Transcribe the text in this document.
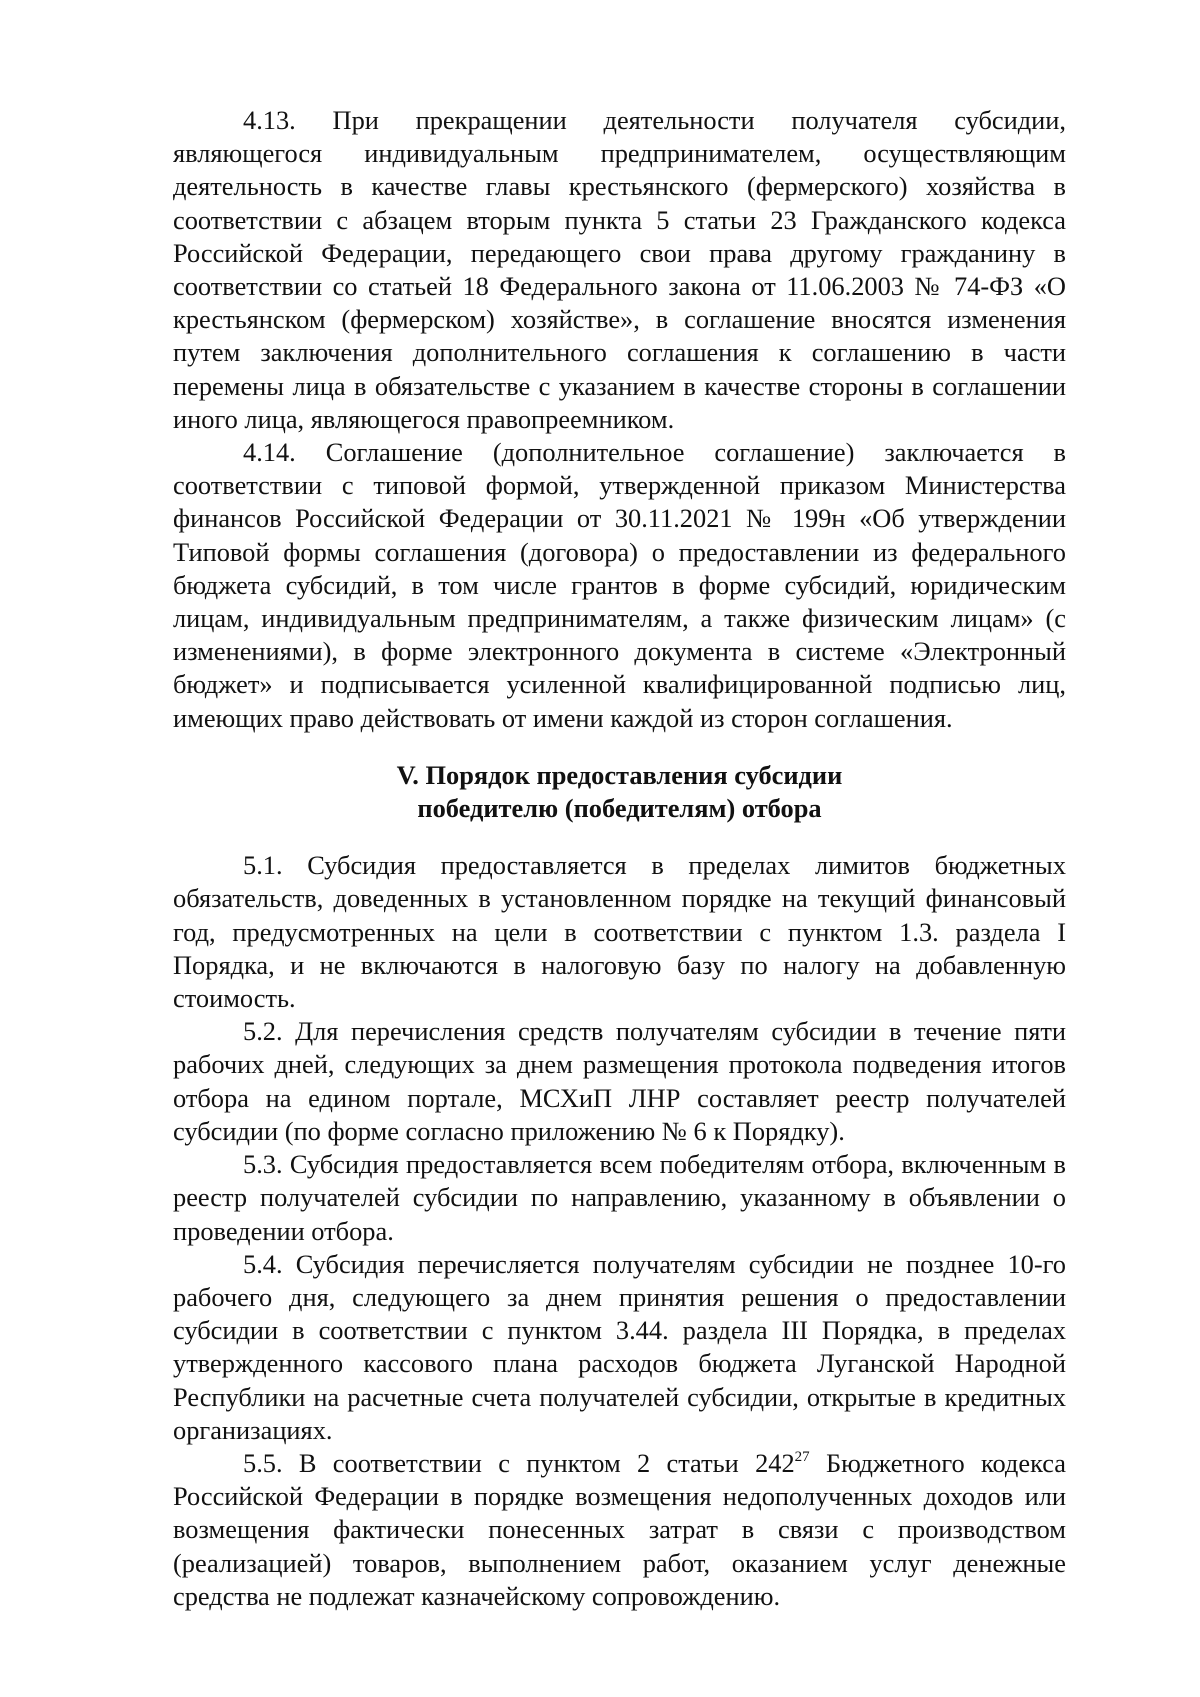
4.13. При прекращении деятельности получателя субсидии, являющегося индивидуальным предпринимателем, осуществляющим деятельность в качестве главы крестьянского (фермерского) хозяйства в соответствии с абзацем вторым пункта 5 статьи 23 Гражданского кодекса Российской Федерации, передающего свои права другому гражданину в соответствии со статьей 18 Федерального закона от 11.06.2003 № 74-ФЗ «О крестьянском (фермерском) хозяйстве», в соглашение вносятся изменения путем заключения дополнительного соглашения к соглашению в части перемены лица в обязательстве с указанием в качестве стороны в соглашении иного лица, являющегося правопреемником.

4.14. Соглашение (дополнительное соглашение) заключается в соответствии с типовой формой, утвержденной приказом Министерства финансов Российской Федерации от 30.11.2021 № 199н «Об утверждении Типовой формы соглашения (договора) о предоставлении из федерального бюджета субсидий, в том числе грантов в форме субсидий, юридическим лицам, индивидуальным предпринимателям, а также физическим лицам» (с изменениями), в форме электронного документа в системе «Электронный бюджет» и подписывается усиленной квалифицированной подписью лиц, имеющих право действовать от имени каждой из сторон соглашения.

V. Порядок предоставления субсидии
победителю (победителям) отбора

5.1. Субсидия предоставляется в пределах лимитов бюджетных обязательств, доведенных в установленном порядке на текущий финансовый год, предусмотренных на цели в соответствии с пунктом 1.3. раздела I Порядка, и не включаются в налоговую базу по налогу на добавленную стоимость.

5.2. Для перечисления средств получателям субсидии в течение пяти рабочих дней, следующих за днем размещения протокола подведения итогов отбора на едином портале, МСХиП ЛНР составляет реестр получателей субсидии (по форме согласно приложению № 6 к Порядку).

5.3. Субсидия предоставляется всем победителям отбора, включенным в реестр получателей субсидии по направлению, указанному в объявлении о проведении отбора.

5.4. Субсидия перечисляется получателям субсидии не позднее 10-го рабочего дня, следующего за днем принятия решения о предоставлении субсидии в соответствии с пунктом 3.44. раздела III Порядка, в пределах утвержденного кассового плана расходов бюджета Луганской Народной Республики на расчетные счета получателей субсидии, открытые в кредитных организациях.

5.5. В соответствии с пунктом 2 статьи $242^{27}$ Бюджетного кодекса Российской Федерации в порядке возмещения недополученных доходов или возмещения фактически понесенных затрат в связи с производством (реализацией) товаров, выполнением работ, оказанием услуг денежные средства не подлежат казначейскому сопровождению.
